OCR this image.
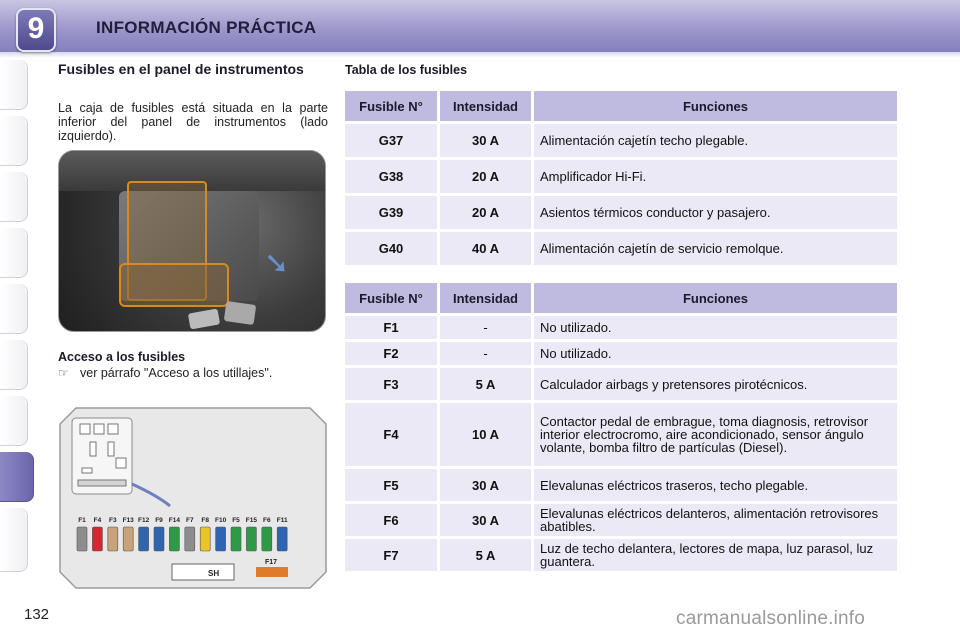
9	INFORMACIÓN PRÁCTICA
132
Fusibles en el panel de instrumentos
La caja de fusibles está situada en la parte inferior del panel de instrumentos (lado izquierdo).
➘
Acceso a los fusibles
☞ ver párrafo "Acceso a los utillajes".
F1 F4 F3 F13 F12 F9 F14 F7 F8 F10 F5 F15 F6 F11
SH
F17
Tabla de los fusibles
Fusible N°	Intensidad	Funciones
G37	30 A	Alimentación cajetín techo plegable.
G38	20 A	Amplificador Hi-Fi.
G39	20 A	Asientos térmicos conductor y pasajero.
G40	40 A	Alimentación cajetín de servicio remolque.
Fusible N°	Intensidad	Funciones
F1	-	No utilizado.
F2	-	No utilizado.
F3	5 A	Calculador airbags y pretensores pirotécnicos.
F4	10 A	Contactor pedal de embrague, toma diagnosis, retrovisor interior electrocromo, aire acondicionado, sensor ángulo volante, bomba filtro de partículas (Diesel).
F5	30 A	Elevalunas eléctricos traseros, techo plegable.
F6	30 A	Elevalunas eléctricos delanteros, alimentación retrovisores abatibles.
F7	5 A	Luz de techo delantera, lectores de mapa, luz parasol, luz guantera.
carmanualsonline.info
